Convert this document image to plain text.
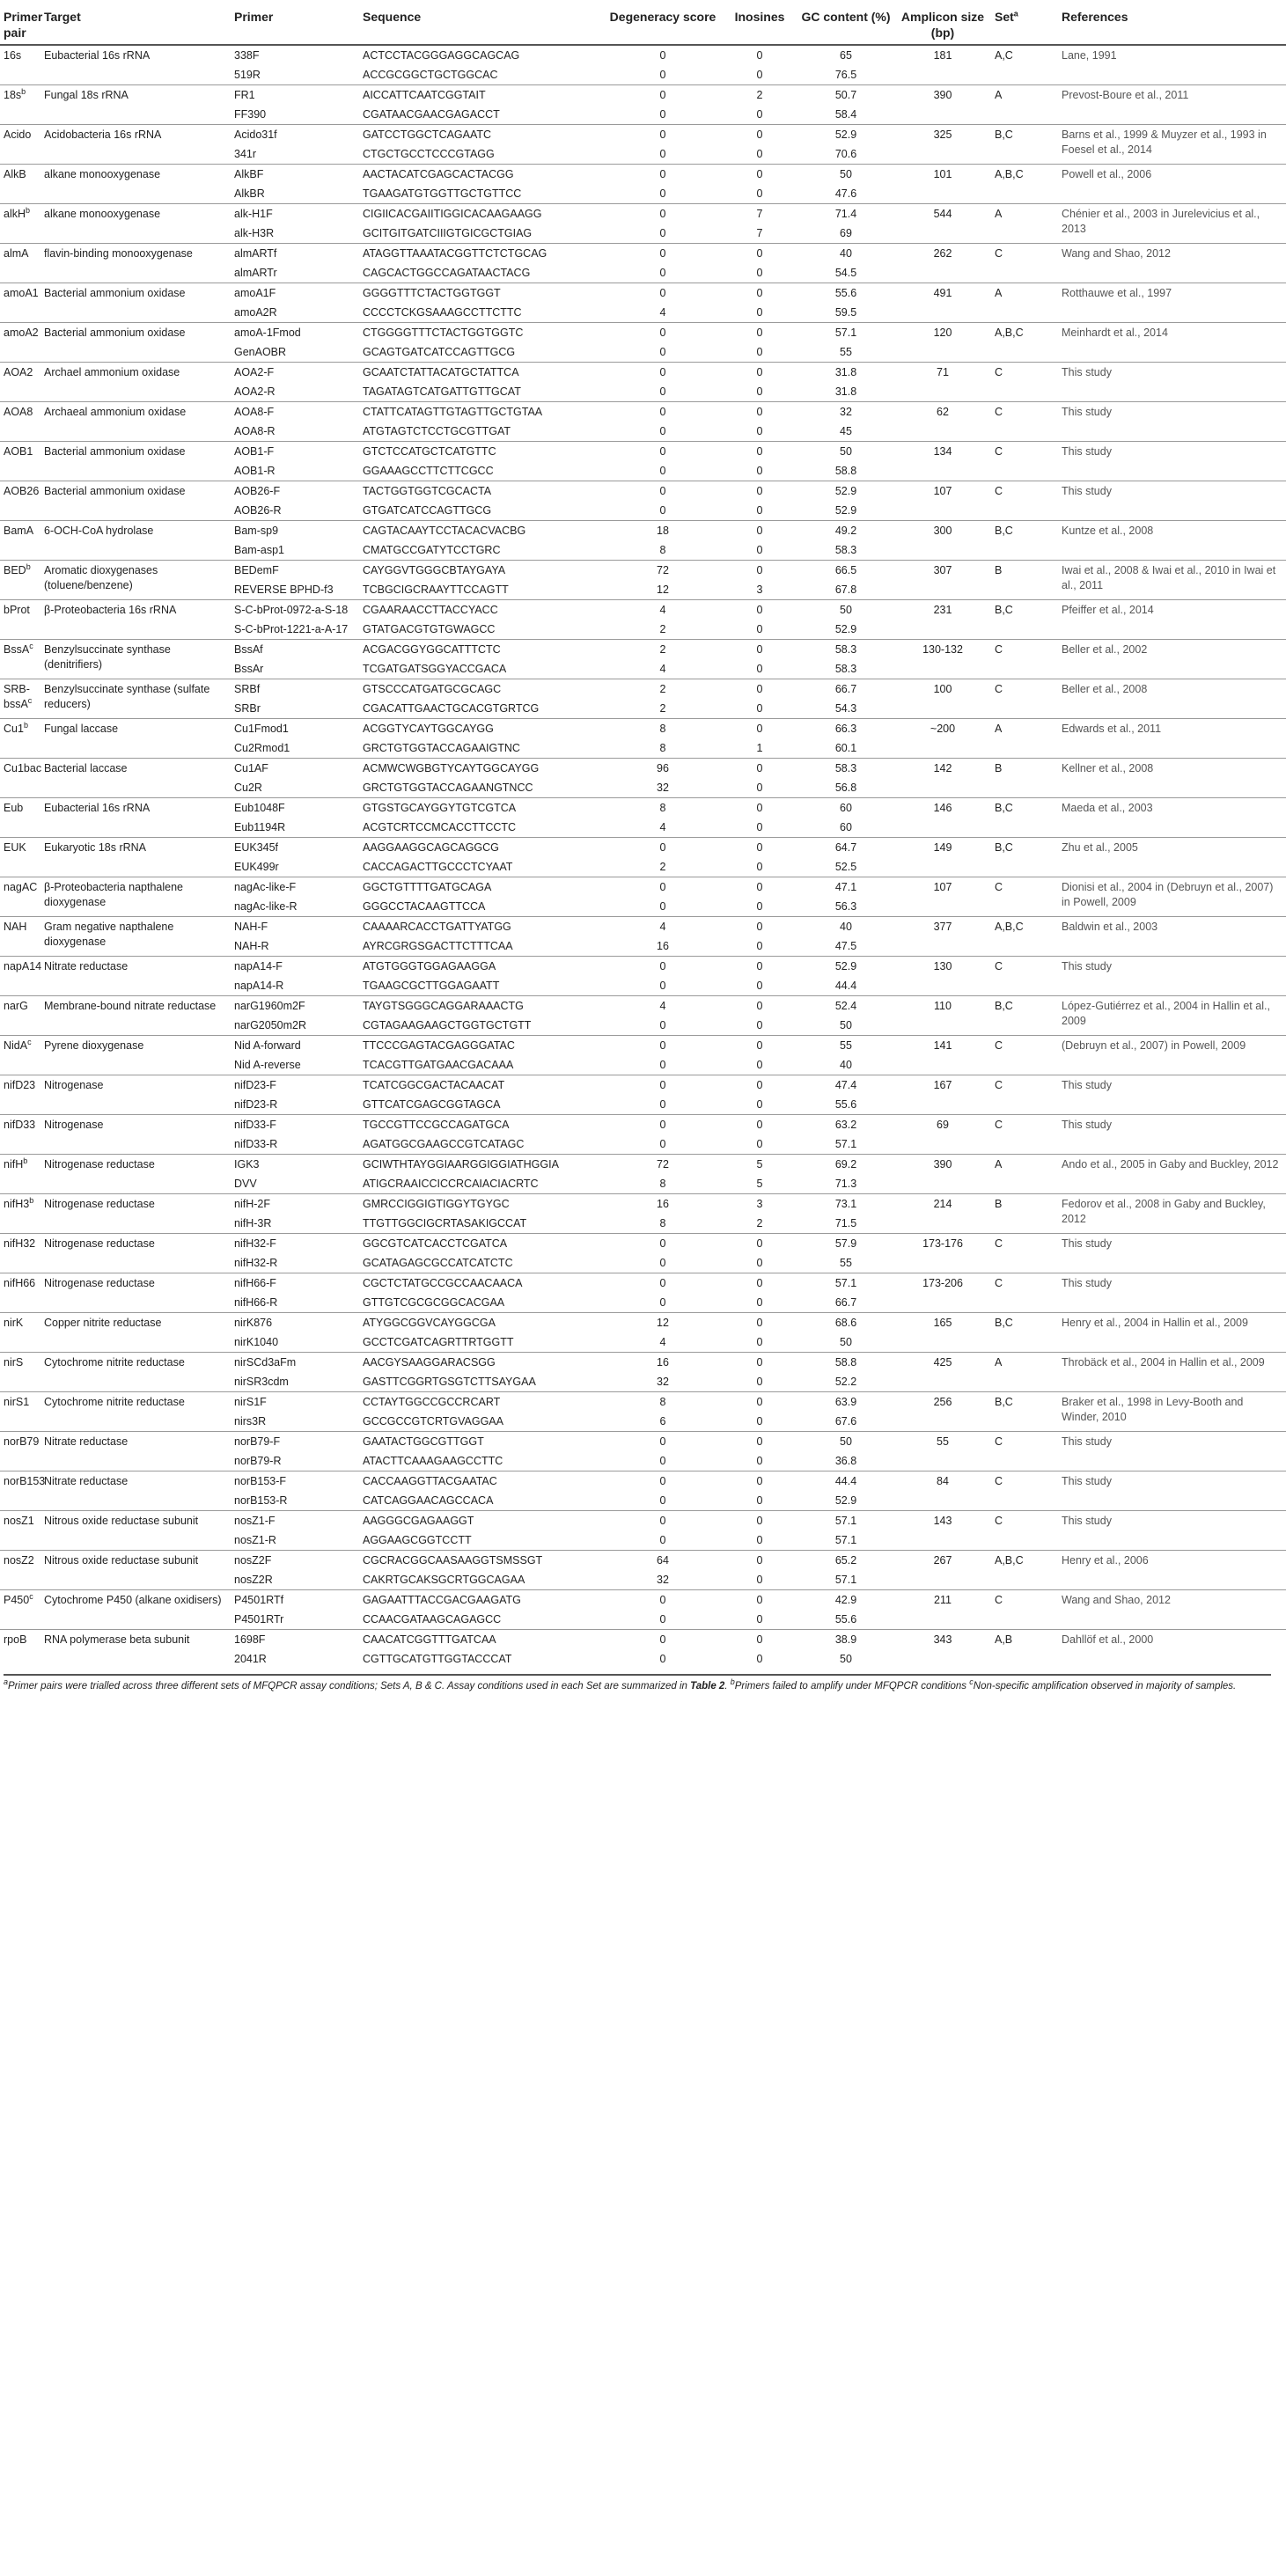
Primer pair	Target	Primer	Sequence	Degeneracy score	Inosines	GC content (%)	Amplicon size (bp)	Set$^a$	References
16s	Eubacterial 16s rRNA	338F	ACTCCTACGGGAGGCAGCAG	0	0	65	181	A,C	Lane, 1991
		519R	ACCGCGGCTGCTGGCAC	0	0	76.5			
$18s^b$	Fungal 18s rRNA	FR1	AICCATTCAATCGGTAIT	0	2	50.7	390	A	Prevost-Boure et al., 2011
		FF390	CGATAACGAACGAGACCT	0	0	58.4			
Acido	Acidobacteria 16s rRNA	Acido31f	GATCCTGGCTCAGAATC	0	0	52.9	325	B,C	Barns et al., 1999 & Muyzer et al., 1993 in Foesel et al., 2014
		341r	CTGCTGCCTCCCGTAGG	0	0	70.6			
AlkB	alkane monooxygenase	AlkBF	AACTACATCGAGCACTACGG	0	0	50	101	A,B,C	Powell et al., 2006
		AlkBR	TGAAGATGTGGTTGCTGTTCC	0	0	47.6			
alkH$^b$	alkane monooxygenase	alk-H1F	CIGIICACGAIITIGGICACAAGAAGG	0	7	71.4	544	A	Chénier et al., 2003 in Jurelevicius et al., 2013
		alk-H3R	GCITGITGATCIIIGTGICGCTGIAG	0	7	69			
almA	flavin-binding monooxygenase	almARTf	ATAGGTTAAATACGGTTCTCTGCAG	0	0	40	262	C	Wang and Shao, 2012
		almARTr	CAGCACTGGCCAGATAACTACG	0	0	54.5			
amoA1	Bacterial ammonium oxidase	amoA1F	GGGGTTTCTACTGGTGGT	0	0	55.6	491	A	Rotthauwe et al., 1997
		amoA2R	CCCCTCKGSAAAGCCTTCTTC	4	0	59.5			
amoA2	Bacterial ammonium oxidase	amoA-1Fmod	CTGGGGTTTCTACTGGTGGTC	0	0	57.1	120	A,B,C	Meinhardt et al., 2014
		GenAOBR	GCAGTGATCATCCAGTTGCG	0	0	55			
AOA2	Archael ammonium oxidase	AOA2-F	GCAATCTATTACATGCTATTCA	0	0	31.8	71	C	This study
		AOA2-R	TAGATAGTCATGATTGTTGCAT	0	0	31.8			
AOA8	Archaeal ammonium oxidase	AOA8-F	CTATTCATAGTTGTAGTTGCTGTAA	0	0	32	62	C	This study
		AOA8-R	ATGTAGTCTCCTGCGTTGAT	0	0	45			
AOB1	Bacterial ammonium oxidase	AOB1-F	GTCTCCATGCTCATGTTC	0	0	50	134	C	This study
		AOB1-R	GGAAAGCCTTCTTCGCC	0	0	58.8			
AOB26	Bacterial ammonium oxidase	AOB26-F	TACTGGTGGTCGCACTA	0	0	52.9	107	C	This study
		AOB26-R	GTGATCATCCAGTTGCG	0	0	52.9			
BamA	6-OCH-CoA hydrolase	Bam-sp9	CAGTACAAYTCCTACACVACBG	18	0	49.2	300	B,C	Kuntze et al., 2008
		Bam-asp1	CMATGCCGATYTCCTGRC	8	0	58.3			
BED$^b$	Aromatic dioxygenases (toluene/benzene)	BEDemF	CAYGGVTGGGCBTAYGAYA	72	0	66.5	307	B	Iwai et al., 2008 & Iwai et al., 2010 in Iwai et al., 2011
		REVERSE BPHD-f3	TCBGCIGCRAAYTTCCAGTT	12	3	67.8			
bProt	β-Proteobacteria 16s rRNA	S-C-bProt-0972-a-S-18	CGAARAACCTTACCYACC	4	0	50	231	B,C	Pfeiffer et al., 2014
		S-C-bProt-1221-a-A-17	GTATGACGTGTGWAGCC	2	0	52.9			
BssA$^c$	Benzylsuccinate synthase (denitrifiers)	BssAf	ACGACGGYGGCATTTCTC	2	0	58.3	130-132	C	Beller et al., 2002
		BssAr	TCGATGATSGGYACCGACA	4	0	58.3			
SRB-bssA$^c$	Benzylsuccinate synthase (sulfate reducers)	SRBf	GTSCCCATGATGCGCAGC	2	0	66.7	100	C	Beller et al., 2008
		SRBr	CGACATTGAACTGCACGTGRTCG	2	0	54.3			
Cu1$^b$	Fungal laccase	Cu1Fmod1	ACGGTYCAYTGGCAYGG	8	0	66.3	~200	A	Edwards et al., 2011
		Cu2Rmod1	GRCTGTGGTACCAGAAIGTNC	8	1	60.1			
Cu1bac	Bacterial laccase	Cu1AF	ACMWCWGBGTYCAYTGGCAYGG	96	0	58.3	142	B	Kellner et al., 2008
		Cu2R	GRCTGTGGTACCAGAANGTNCC	32	0	56.8			
Eub	Eubacterial 16s rRNA	Eub1048F	GTGSTGCAYGGYTGTCGTCA	8	0	60	146	B,C	Maeda et al., 2003
		Eub1194R	ACGTCRTCCMCACCTTCCTC	4	0	60			
EUK	Eukaryotic 18s rRNA	EUK345f	AAGGAAGGCAGCAGGCG	0	0	64.7	149	B,C	Zhu et al., 2005
		EUK499r	CACCAGACTTGCCCTCYAAT	2	0	52.5			
nagAC	β-Proteobacteria napthalene dioxygenase	nagAc-like-F	GGCTGTTTTGATGCAGA	0	0	47.1	107	C	Dionisi et al., 2004 in (Debruyn et al., 2007) in Powell, 2009
		nagAc-like-R	GGGCCTACAAGTTCCA	0	0	56.3			
NAH	Gram negative napthalene dioxygenase	NAH-F	CAAAARCACCTGATTYATGG	4	0	40	377	A,B,C	Baldwin et al., 2003
		NAH-R	AYRCGRGSGACTTCTTTCAA	16	0	47.5			
napA14	Nitrate reductase	napA14-F	ATGTGGGTGGAGAAGGA	0	0	52.9	130	C	This study
		napA14-R	TGAAGCGCTTGGAGAATT	0	0	44.4			
narG	Membrane-bound nitrate reductase	narG1960m2F	TAYGTSGGGCAGGARAAACTG	4	0	52.4	110	B,C	López-Gutiérrez et al., 2004 in Hallin et al., 2009
		narG2050m2R	CGTAGAAGAAGCTGGTGCTGTT	0	0	50			
NidA$^c$	Pyrene dioxygenase	Nid A-forward	TTCCCGAGTACGAGGGATAC	0	0	55	141	C	(Debruyn et al., 2007) in Powell, 2009
		Nid A-reverse	TCACGTTGATGAACGACAAA	0	0	40			
nifD23	Nitrogenase	nifD23-F	TCATCGGCGACTACAACAT	0	0	47.4	167	C	This study
		nifD23-R	GTTCATCGAGCGGTAGCA	0	0	55.6			
nifD33	Nitrogenase	nifD33-F	TGCCGTTCCGCCAGATGCA	0	0	63.2	69	C	This study
		nifD33-R	AGATGGCGAAGCCGTCATAGC	0	0	57.1			
nifH$^b$	Nitrogenase reductase	IGK3	GCIWTHTAYGGIAARGGIGGIATHGGIA	72	5	69.2	390	A	Ando et al., 2005 in Gaby and Buckley, 2012
		DVV	ATIGCRAAICCICCRCAIACIACRTC	8	5	71.3			
nifH3$^b$	Nitrogenase reductase	nifH-2F	GMRCCIGGIGTIGGYTGYGC	16	3	73.1	214	B	Fedorov et al., 2008 in Gaby and Buckley, 2012
		nifH-3R	TTGTTGGCIGCRTASAKIGCCAT	8	2	71.5			
nifH32	Nitrogenase reductase	nifH32-F	GGCGTCATCACCTCGATCA	0	0	57.9	173-176	C	This study
		nifH32-R	GCATAGAGCGCCATCATCTC	0	0	55			
nifH66	Nitrogenase reductase	nifH66-F	CGCTCTATGCCGCCAACAACA	0	0	57.1	173-206	C	This study
		nifH66-R	GTTGTCGCGCGGCACGAA	0	0	66.7			
nirK	Copper nitrite reductase	nirK876	ATYGGCGGVCAYGGCGA	12	0	68.6	165	B,C	Henry et al., 2004 in Hallin et al., 2009
		nirK1040	GCCTCGATCAGRTTRTGGTT	4	0	50			
nirS	Cytochrome nitrite reductase	nirSCd3aFm	AACGYSAAGGARACSGG	16	0	58.8	425	A	Throbäck et al., 2004 in Hallin et al., 2009
		nirSR3cdm	GASTTCGGRTGSGTCTTSAYGAA	32	0	52.2			
nirS1	Cytochrome nitrite reductase	nirS1F	CCTAYTGGCCGCCRCART	8	0	63.9	256	B,C	Braker et al., 1998 in Levy-Booth and Winder, 2010
		nirs3R	GCCGCCGTCRTGVAGGAA	6	0	67.6			
norB79	Nitrate reductase	norB79-F	GAATACTGGCGTTGGT	0	0	50	55	C	This study
		norB79-R	ATACTTCAAAGAAGCCTTC	0	0	36.8			
norB153	Nitrate reductase	norB153-F	CACCAAGGTTACGAATAC	0	0	44.4	84	C	This study
		norB153-R	CATCAGGAACAGCCACA	0	0	52.9			
nosZ1	Nitrous oxide reductase subunit	nosZ1-F	AAGGGCGAGAAGGT	0	0	57.1	143	C	This study
		nosZ1-R	AGGAAGCGGTCCTT	0	0	57.1			
nosZ2	Nitrous oxide reductase subunit	nosZ2F	CGCRACGGCAASAAGGTSMSSGT	64	0	65.2	267	A,B,C	Henry et al., 2006
		nosZ2R	CAKRTGCAKSGCRTGGCAGAA	32	0	57.1			
P450$^c$	Cytochrome P450 (alkane oxidisers)	P4501RTf	GAGAATTTACCGACGAAGATG	0	0	42.9	211	C	Wang and Shao, 2012
		P4501RTr	CCAACGATAAGCAGAGCC	0	0	55.6			
rpoB	RNA polymerase beta subunit	1698F	CAACATCGGTTTGATCAA	0	0	38.9	343	A,B	Dahllöf et al., 2000
		2041R	CGTTGCATGTTGGTACCCAT	0	0	50			
$^a$Primer pairs were trialled across three different sets of MFQPCR assay conditions; Sets A, B & C. Assay conditions used in each Set are summarized in Table 2. $^b$Primers failed to amplify under MFQPCR conditions $^c$Non-specific amplification observed in majority of samples.
